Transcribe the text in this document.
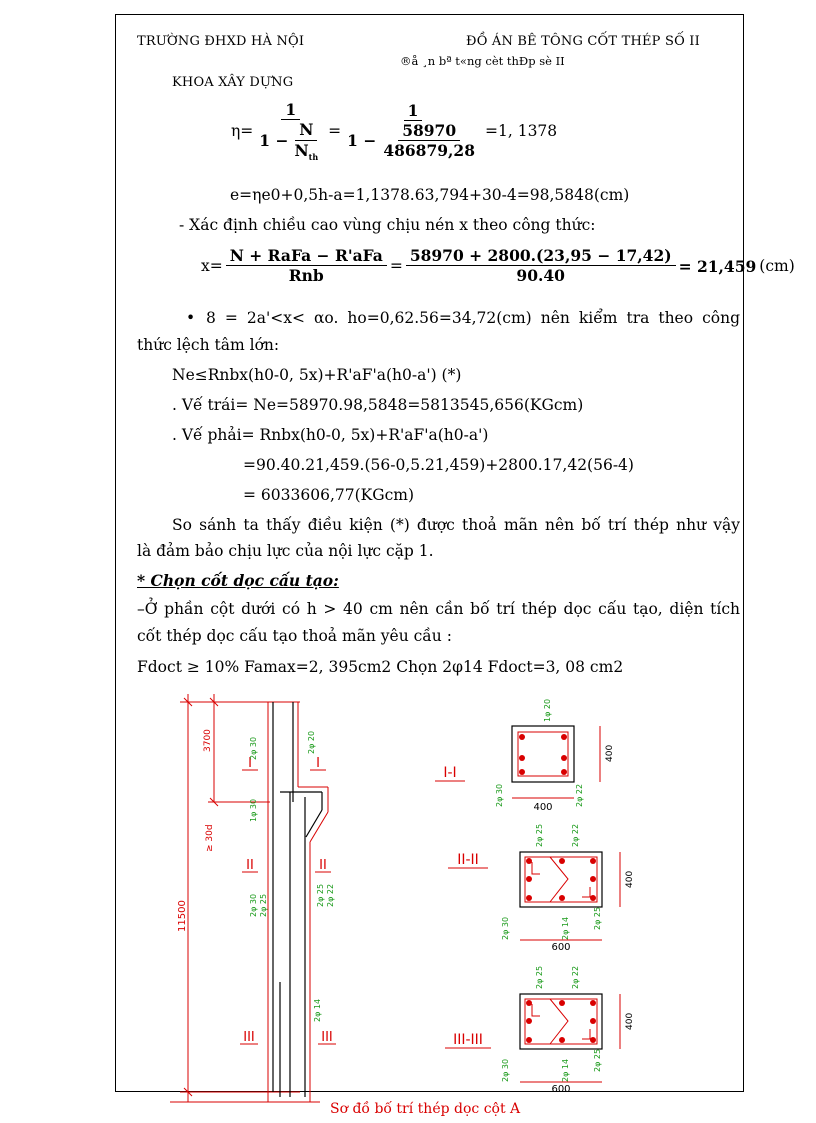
TRƯỜNG ĐHXD HÀ NỘI	ĐỒ ÁN BÊ TÔNG CỐT THÉP SỐ II
®å ¸n bª t«ng cèt thÐp sè II
KHOA XÂY DỰNG
$\eta= \frac{1}{1 - \frac{N}{N_{th}}} = \frac{1}{1 - \frac{58970}{486879,28}} =1$, 1378
e=ηe0+0,5h-a=1,1378.63,794+30-4=98,5848(cm)
- Xác định chiều cao vùng chịu nén x theo công thức:
$x= \frac{\text{N + RaFa − R'aFa}}{\text{Rnb}} = \frac{58970 + 2800.(23,95 - 17,42)}{90.40} = 21,459$ (cm)
• 8 = 2a'<x< αo. ho=0,62.56=34,72(cm) nên kiểm tra theo công
thức lệch tâm lớn:
Ne≤Rnbx(h0-0, 5x)+R'aF'a(h0-a') (*)
. Vế trái= Ne=58970.98,5848=5813545,656(KGcm)
. Vế phải= Rnbx(h0-0, 5x)+R'aF'a(h0-a')
=90.40.21,459.(56-0,5.21,459)+2800.17,42(56-4)
= 6033606,77(KGcm)
So sánh ta thấy điều kiện (*) được thoả mãn nên bố trí thép như vậy
là đảm bảo chịu lực của nội lực cặp 1.
* Chọn cốt dọc cấu tạo:
–Ở phần cột dưới có h > 40 cm nên cần bố trí thép dọc cấu tạo, diện tích
cốt thép dọc cấu tạo thoả mãn yêu cầu :
Fdoct ≥ 10% Famax=2, 395cm2 Chọn 2φ14 Fdoct=3, 08 cm2
I	I
II	II
III	III
3700
≥ 30d
11500
2φ 30	2φ 20
1φ 30
2φ 30 2φ 25	2φ 25 2φ 22
2φ 14
I-I
1φ 20
2φ 30	2φ 22
400
400
II-II
2φ 25	2φ 22
2φ 30	2φ 14	2φ 25
600
400
III-III
2φ 25	2φ 22
2φ 30	2φ 14	2φ 25
600
400
Sơ đồ bố trí thép dọc cột A
